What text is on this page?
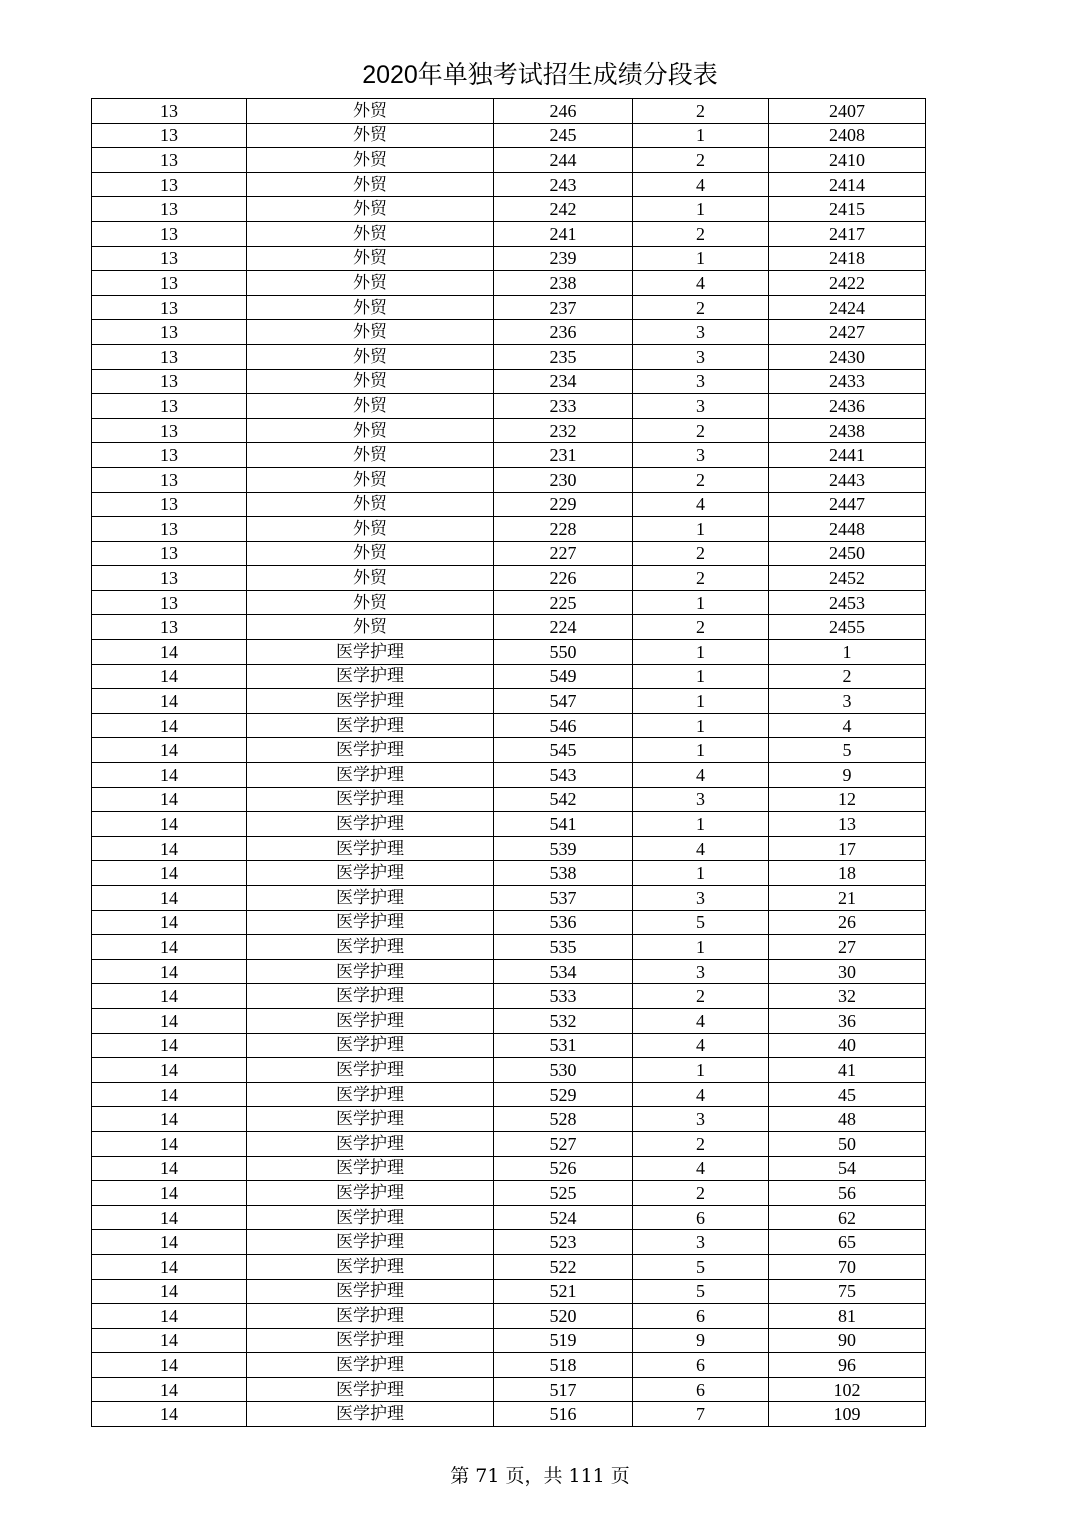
2020年单独考试招生成绩分段表
13	外贸	246	2	2407
13	外贸	245	1	2408
13	外贸	244	2	2410
13	外贸	243	4	2414
13	外贸	242	1	2415
13	外贸	241	2	2417
13	外贸	239	1	2418
13	外贸	238	4	2422
13	外贸	237	2	2424
13	外贸	236	3	2427
13	外贸	235	3	2430
13	外贸	234	3	2433
13	外贸	233	3	2436
13	外贸	232	2	2438
13	外贸	231	3	2441
13	外贸	230	2	2443
13	外贸	229	4	2447
13	外贸	228	1	2448
13	外贸	227	2	2450
13	外贸	226	2	2452
13	外贸	225	1	2453
13	外贸	224	2	2455
14	医学护理	550	1	1
14	医学护理	549	1	2
14	医学护理	547	1	3
14	医学护理	546	1	4
14	医学护理	545	1	5
14	医学护理	543	4	9
14	医学护理	542	3	12
14	医学护理	541	1	13
14	医学护理	539	4	17
14	医学护理	538	1	18
14	医学护理	537	3	21
14	医学护理	536	5	26
14	医学护理	535	1	27
14	医学护理	534	3	30
14	医学护理	533	2	32
14	医学护理	532	4	36
14	医学护理	531	4	40
14	医学护理	530	1	41
14	医学护理	529	4	45
14	医学护理	528	3	48
14	医学护理	527	2	50
14	医学护理	526	4	54
14	医学护理	525	2	56
14	医学护理	524	6	62
14	医学护理	523	3	65
14	医学护理	522	5	70
14	医学护理	521	5	75
14	医学护理	520	6	81
14	医学护理	519	9	90
14	医学护理	518	6	96
14	医学护理	517	6	102
14	医学护理	516	7	109
第 71 页，共 111 页
